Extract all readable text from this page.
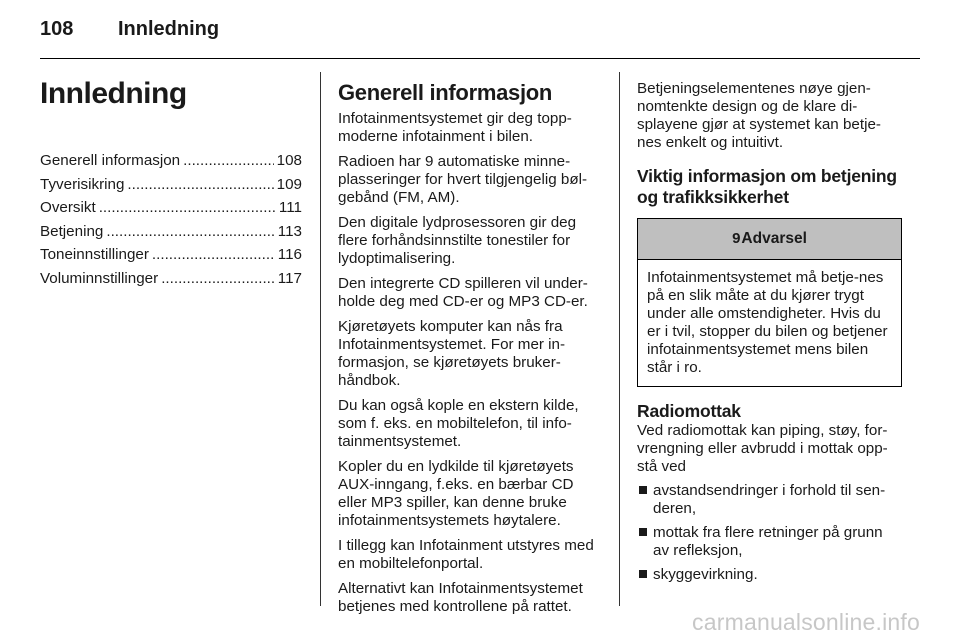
108 Innledning
Innledning
Generell informasjon .....	108
Tyverisikring .....	109
Oversikt .....	111
Betjening .....	113
Toneinnstillinger .....	116
Voluminnstillinger .....	117
Generell informasjon

Infotainmentsystemet gir deg topp-moderne infotainment i bilen.

Radioen har 9 automatiske minne-plasseringer for hvert tilgjengelig bøl-gebånd (FM, AM).

Den digitale lydprosessoren gir deg flere forhåndsinnstilte tonestiler for lydoptimalisering.

Den integrerte CD spilleren vil under-holde deg med CD-er og MP3 CD-er.

Kjøretøyets komputer kan nås fra Infotainmentsystemet. For mer in-formasjon, se kjøretøyets bruker-håndbok.

Du kan også kople en ekstern kilde, som f. eks. en mobiltelefon, til info-tainmentsystemet.

Kopler du en lydkilde til kjøretøyets AUX-inngang, f.eks. en bærbar CD eller MP3 spiller, kan denne bruke infotainmentsystemets høytalere.

I tillegg kan Infotainment utstyres med en mobiltelefonportal.

Alternativt kan Infotainmentsystemet betjenes med kontrollene på rattet.

Betjeningselementenes nøye gjen-nomtenkte design og de klare di-splayene gjør at systemet kan betje-nes enkelt og intuitivt.

Viktig informasjon om betjening og trafikksikkerhet
9 Advarsel
Infotainmentsystemet må betje-nes på en slik måte at du kjører trygt under alle omstendigheter. Hvis du er i tvil, stopper du bilen og betjener infotainmentsystemet mens bilen står i ro.
Radiomottak

Ved radiomottak kan piping, støy, for-vrengning eller avbrudd i mottak opp-stå ved

avstandsendringer i forhold til sen-deren,
mottak fra flere retninger på grunn av refleksjon,
skyggevirkning.
carmanualsonline.info
